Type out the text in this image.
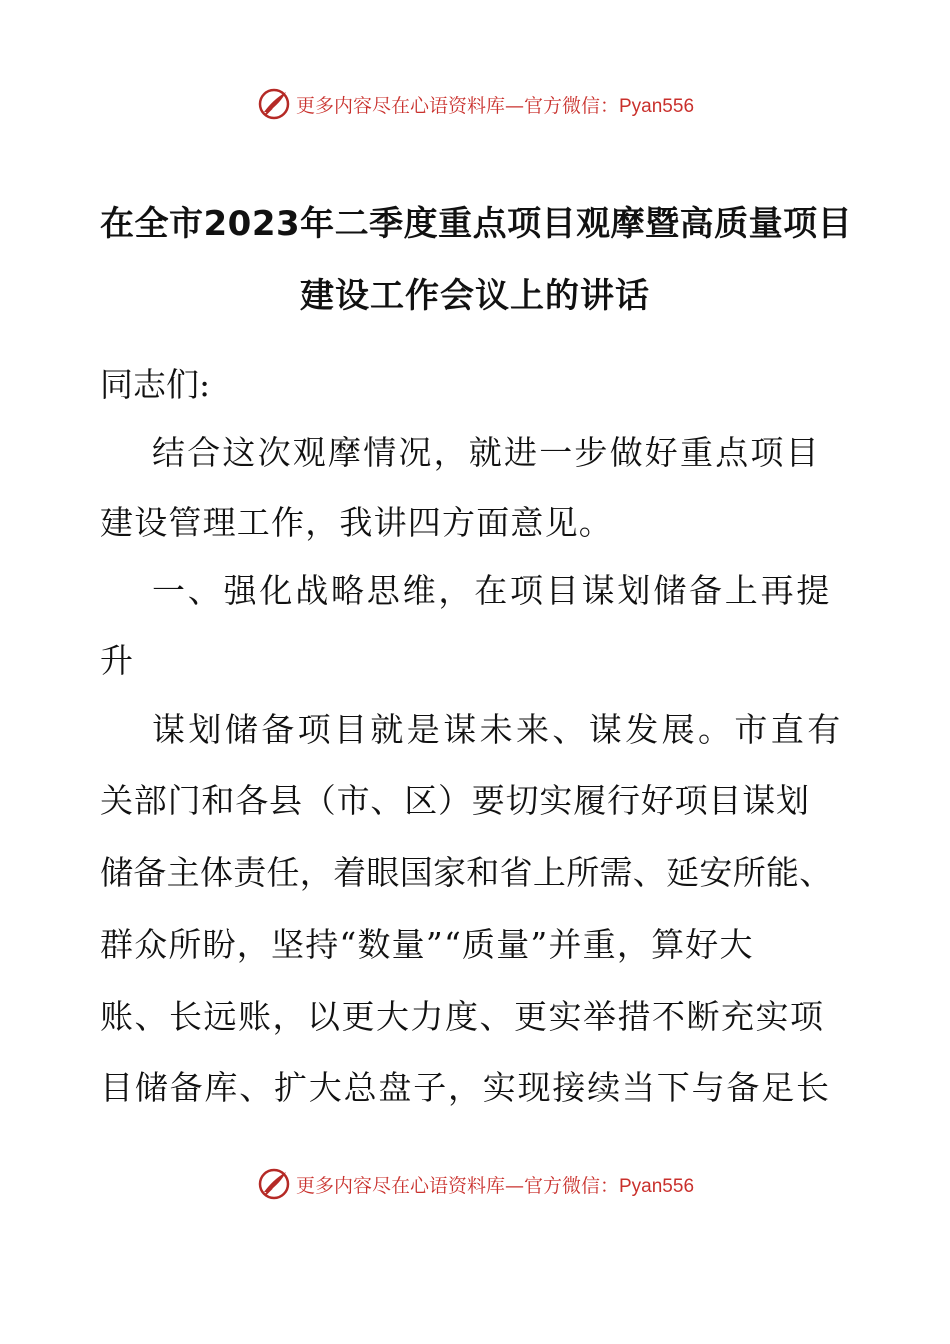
更多内容尽在心语资料库—官方微信：Pyan556
在全市2023年二季度重点项目观摩暨高质量项目
建设工作会议上的讲话
同志们:
结合这次观摩情况，就进一步做好重点项目
建设管理工作，我讲四方面意见。
一、强化战略思维，在项目谋划储备上再提
升
谋划储备项目就是谋未来、谋发展。市直有
关部门和各县（市、区）要切实履行好项目谋划
储备主体责任，着眼国家和省上所需、延安所能、
群众所盼，坚持“数量”“质量”并重，算好大
账、长远账，以更大力度、更实举措不断充实项
目储备库、扩大总盘子，实现接续当下与备足长
更多内容尽在心语资料库—官方微信：Pyan556
